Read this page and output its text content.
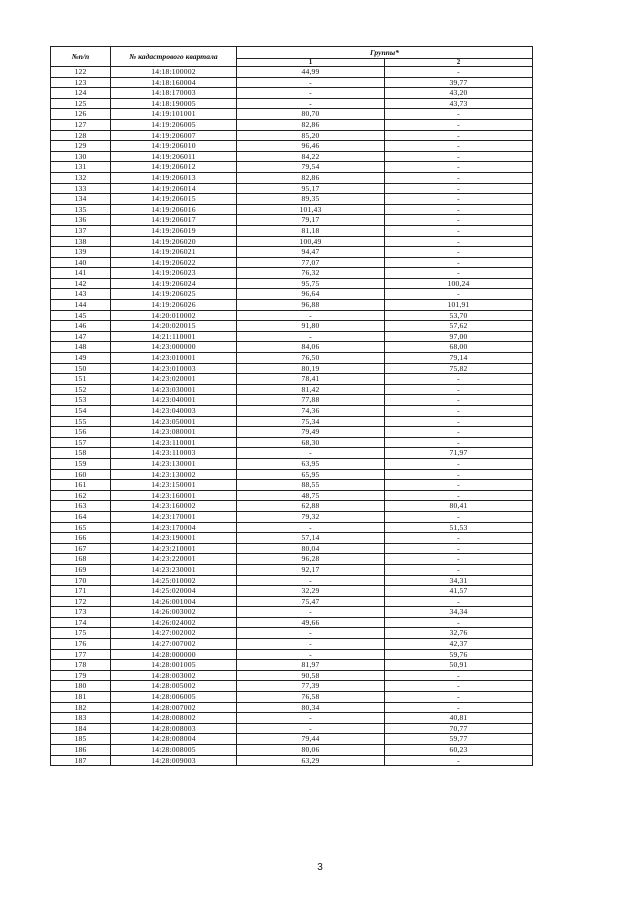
№п/п	№ кадастрового квартала	Группы*	
		1	2
122	14:18:100002	44,99	-
123	14:18:160004	-	39,77
124	14:18:170003	-	43,20
125	14:18:190005	-	43,73
126	14:19:101001	80,70	-
127	14:19:206005	82,86	-
128	14:19:206007	85,20	-
129	14:19:206010	96,46	-
130	14:19:206011	84,22	-
131	14:19:206012	79,54	-
132	14:19:206013	82,86	-
133	14:19:206014	95,17	-
134	14:19:206015	89,35	-
135	14:19:206016	101,43	-
136	14:19:206017	79,17	-
137	14:19:206019	81,18	-
138	14:19:206020	100,49	-
139	14:19:206021	94,47	-
140	14:19:206022	77,07	-
141	14:19:206023	76,32	-
142	14:19:206024	95,75	100,24
143	14:19:206025	96,64	-
144	14:19:206026	96,88	101,91
145	14:20:010002	-	53,70
146	14:20:020015	91,80	57,62
147	14:21:110001	-	97,00
148	14:23:000000	84,06	68,00
149	14:23:010001	76,50	79,14
150	14:23:010003	80,19	75,82
151	14:23:020001	78,41	-
152	14:23:030001	81,42	-
153	14:23:040001	77,88	-
154	14:23:040003	74,36	-
155	14:23:050001	75,34	-
156	14:23:080001	79,49	-
157	14:23:110001	68,30	-
158	14:23:110003	-	71,97
159	14:23:130001	63,95	-
160	14:23:130002	65,95	-
161	14:23:150001	88,55	-
162	14:23:160001	48,75	-
163	14:23:160002	62,88	80,41
164	14:23:170001	79,32	-
165	14:23:170004	-	51,53
166	14:23:190001	57,14	-
167	14:23:210001	80,04	-
168	14:23:220001	96,28	-
169	14:23:230001	92,17	-
170	14:25:010002	-	34,31
171	14:25:020004	32,29	41,57
172	14:26:001004	75,47	-
173	14:26:003002	-	34,34
174	14:26:024002	49,66	-
175	14:27:002002	-	32,76
176	14:27:007002	-	42,37
177	14:28:000000	-	59,76
178	14:28:001005	81,97	50,91
179	14:28:003002	90,58	-
180	14:28:005002	77,39	-
181	14:28:006005	76,58	-
182	14:28:007002	80,34	-
183	14:28:008002	-	40,81
184	14:28:008003	-	70,77
185	14:28:008004	79,44	59,77
186	14:28:008005	80,06	60,23
187	14:28:009003	63,29	-
3
